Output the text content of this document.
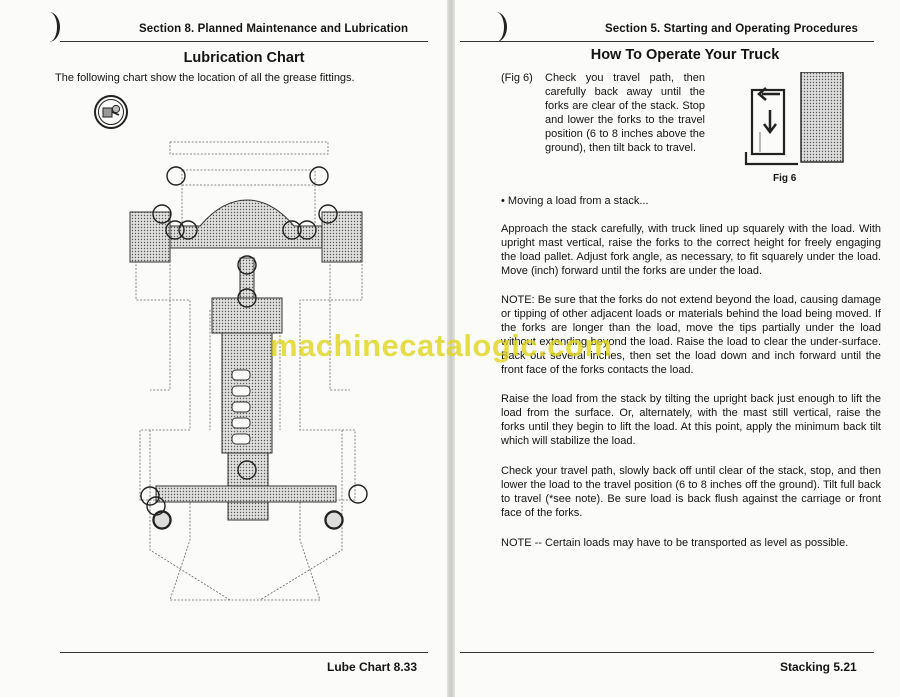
Section 8. Planned Maintenance and Lubrication
Lubrication Chart
The following chart show the location of all the grease fittings.
Lube Chart 8.33
Section 5. Starting and Operating Procedures
How To Operate Your Truck
(Fig 6)	Check you travel path, then carefully back away until the forks are clear of the stack. Stop and lower the forks to the travel position (6 to 8 inches above the ground), then tilt back to travel.
Fig 6
• Moving a load from a stack...
Approach the stack carefully, with truck lined up squarely with the load. With upright mast vertical, raise the forks to the correct height for freely engaging the load pallet. Adjust fork angle, as necessary, to fit squarely under the load. Move (inch) forward until the forks are under the load.
NOTE: Be sure that the forks do not extend beyond the load, causing damage or tipping of other adjacent loads or materials behind the load being moved. If the forks are longer than the load, move the tips partially under the load without extending beyond the load. Raise the load to clear the under-surface. Back out several inches, then set the load down and inch forward until the front face of the forks contacts the load.
Raise the load from the stack by tilting the upright back just enough to lift the load from the surface. Or, alternately, with the mast still vertical, raise the forks until they begin to lift the load. At this point, apply the minimum back tilt which will stabilize the load.
Check your travel path, slowly back off until clear of the stack, stop, and then lower the load to the travel position (6 to 8 inches off the ground). Tilt full back to travel (*see note). Be sure load is back flush against the carriage or front face of the forks.
NOTE -- Certain loads may have to be transported as level as possible.
Stacking 5.21
machinecatalogic.com
